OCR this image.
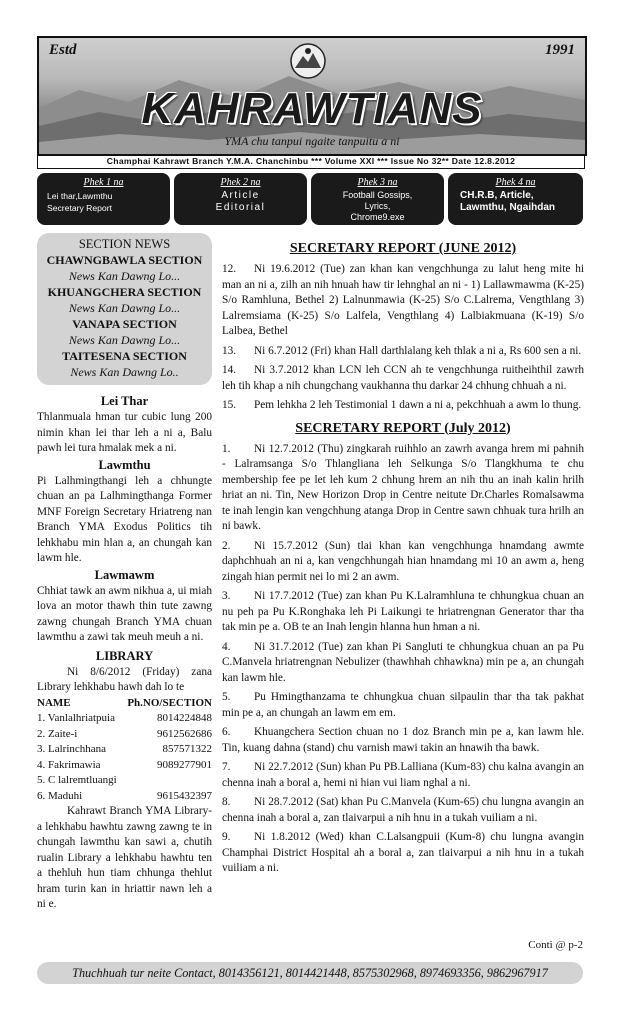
Estd	1991
KAHRAWTIANS
YMA chu tanpui ngaite tanpuitu a ni
Champhai Kahrawt Branch Y.M.A. Chanchinbu *** Volume XXI *** Issue No 32** Date 12.8.2012
Phek 1 na
Lei thar,Lawmthu
Secretary Report
Phek 2 na
Article
Editorial
Phek 3 na
Football Gossips,
Lyrics,
Chrome9.exe
Phek 4 na
CH.R.B, Article,
Lawmthu, Ngaihdan
SECTION NEWS
CHAWNGBAWLA SECTION
News Kan Dawng Lo...
KHUANGCHERA SECTION
News Kan Dawng Lo...
VANAPA SECTION
News Kan Dawng Lo...
TAITESENA SECTION
News Kan Dawng Lo..
Lei Thar
Thlanmuala hman tur cubic lung 200 nimin khan lei thar leh a ni a, Balu pawh lei tura hmalak mek a ni.
Lawmthu
Pi Lalhmingthangi leh a chhungte chuan an pa Lalhmingthanga Former MNF Foreign Secretary Hriatreng nan Branch YMA Exodus Politics tih lehkhabu min hlan a, an chungah kan lawm hle.
Lawmawm
Chhiat tawk an awm nikhua a, ui miah lova an motor thawh thin tute zawng zawng chungah Branch YMA chuan lawmthu a zawi tak meuh meuh a ni.
LIBRARY
Ni 8/6/2012 (Friday) zana Library lehkhabu hawh dah lo te
NAME	Ph.NO/SECTION
1. Vanlalhriatpuia	8014224848
2. Zaite-i	9612562686
3. Lalrinchhana	857571322
4. Fakrimawia	9089277901
5. C lalremtluangi
6. Maduhi	9615432397
Kahrawt Branch YMA Library-a lehkhabu hawhtu zawng zawng te in chungah lawmthu kan sawi a, chutih rualin Library a lehkhabu hawhtu ten a thehluh hun tiam chhunga thehlut hram turin kan in hriattir nawn leh a ni e.
SECRETARY REPORT (JUNE 2012)

12. Ni 19.6.2012 (Tue) zan khan kan vengchhunga zu lalut heng mite hi man an ni a, zilh an nih hnuah haw tir lehnghal an ni - 1) Lallawmawma (K-25) S/o Ramhluna, Bethel 2) Lalnunmawia (K-25) S/o C.Lalrema, Vengthlang 3) Lalremsiama (K-25) S/o Lalfela, Vengthlang 4) Lalbiakmuana (K-19) S/o Lalbea, Bethel

13. Ni 6.7.2012 (Fri) khan Hall darthlalang keh thlak a ni a, Rs 600 sen a ni.

14. Ni 3.7.2012 khan LCN leh CCN ah te vengchhunga ruitheihthil zawrh leh tih khap a nih chungchang vaukhanna thu darkar 24 chhung chhuah a ni.

15. Pem lehkha 2 leh Testimonial 1 dawn a ni a, pekchhuah a awm lo thung.

SECRETARY REPORT (July 2012)

1. Ni 12.7.2012 (Thu) zingkarah ruihhlo an zawrh avanga hrem mi pahnih - Lalramsanga S/o Thlangliana leh Selkunga S/o Tlangkhuma te chu membership fee pe let leh kum 2 chhung hrem an nih thu an inah kalin hrilh hriat an ni. Tin, New Horizon Drop in Centre neitute Dr.Charles Romalsawma te inah lengin kan vengchhung atanga Drop in Centre sawn chhuak tura hrilh an ni bawk.

2. Ni 15.7.2012 (Sun) tlai khan kan vengchhunga hnamdang awmte daphchhuah an ni a, kan vengchhungah hian hnamdang mi 10 an awm a, heng zingah hian permit nei lo mi 2 an awm.

3. Ni 17.7.2012 (Tue) zan khan Pu K.Lalramhluna te chhungkua chuan an nu peh pa Pu K.Ronghaka leh Pi Laikungi te hriatrengnan Generator thar tha tak min pe a. OB te an Inah lengin hlanna hun hman a ni.

4. Ni 31.7.2012 (Tue) zan khan Pi Sangluti te chhungkua chuan an pa Pu C.Manvela hriatrengnan Nebulizer (thawhhah chhawkna) min pe a, an chungah kan lawm hle.

5. Pu Hmingthanzama te chhungkua chuan silpaulin thar tha tak pakhat min pe a, an chungah an lawm em em.

6. Khuangchera Section chuan no 1 doz Branch min pe a, kan lawm hle. Tin, kuang dahna (stand) chu varnish mawi takin an hnawih tha bawk.

7. Ni 22.7.2012 (Sun) khan Pu PB.Lalliana (Kum-83) chu kalna avangin an chenna inah a boral a, hemi ni hian vui liam nghal a ni.

8. Ni 28.7.2012 (Sat) khan Pu C.Manvela (Kum-65) chu lungna avangin an chenna inah a boral a, zan tlaivarpui a nih hnu in a tukah vuiliam a ni.

9. Ni 1.8.2012 (Wed) khan C.Lalsangpuii (Kum-8) chu lungna avangin Champhai District Hospital ah a boral a, zan tlaivarpui a nih hnu in a tukah vuiliam a ni.

Conti @ p-2
Thuchhuah tur neite Contact, 8014356121, 8014421448, 8575302968, 8974693356, 9862967917
